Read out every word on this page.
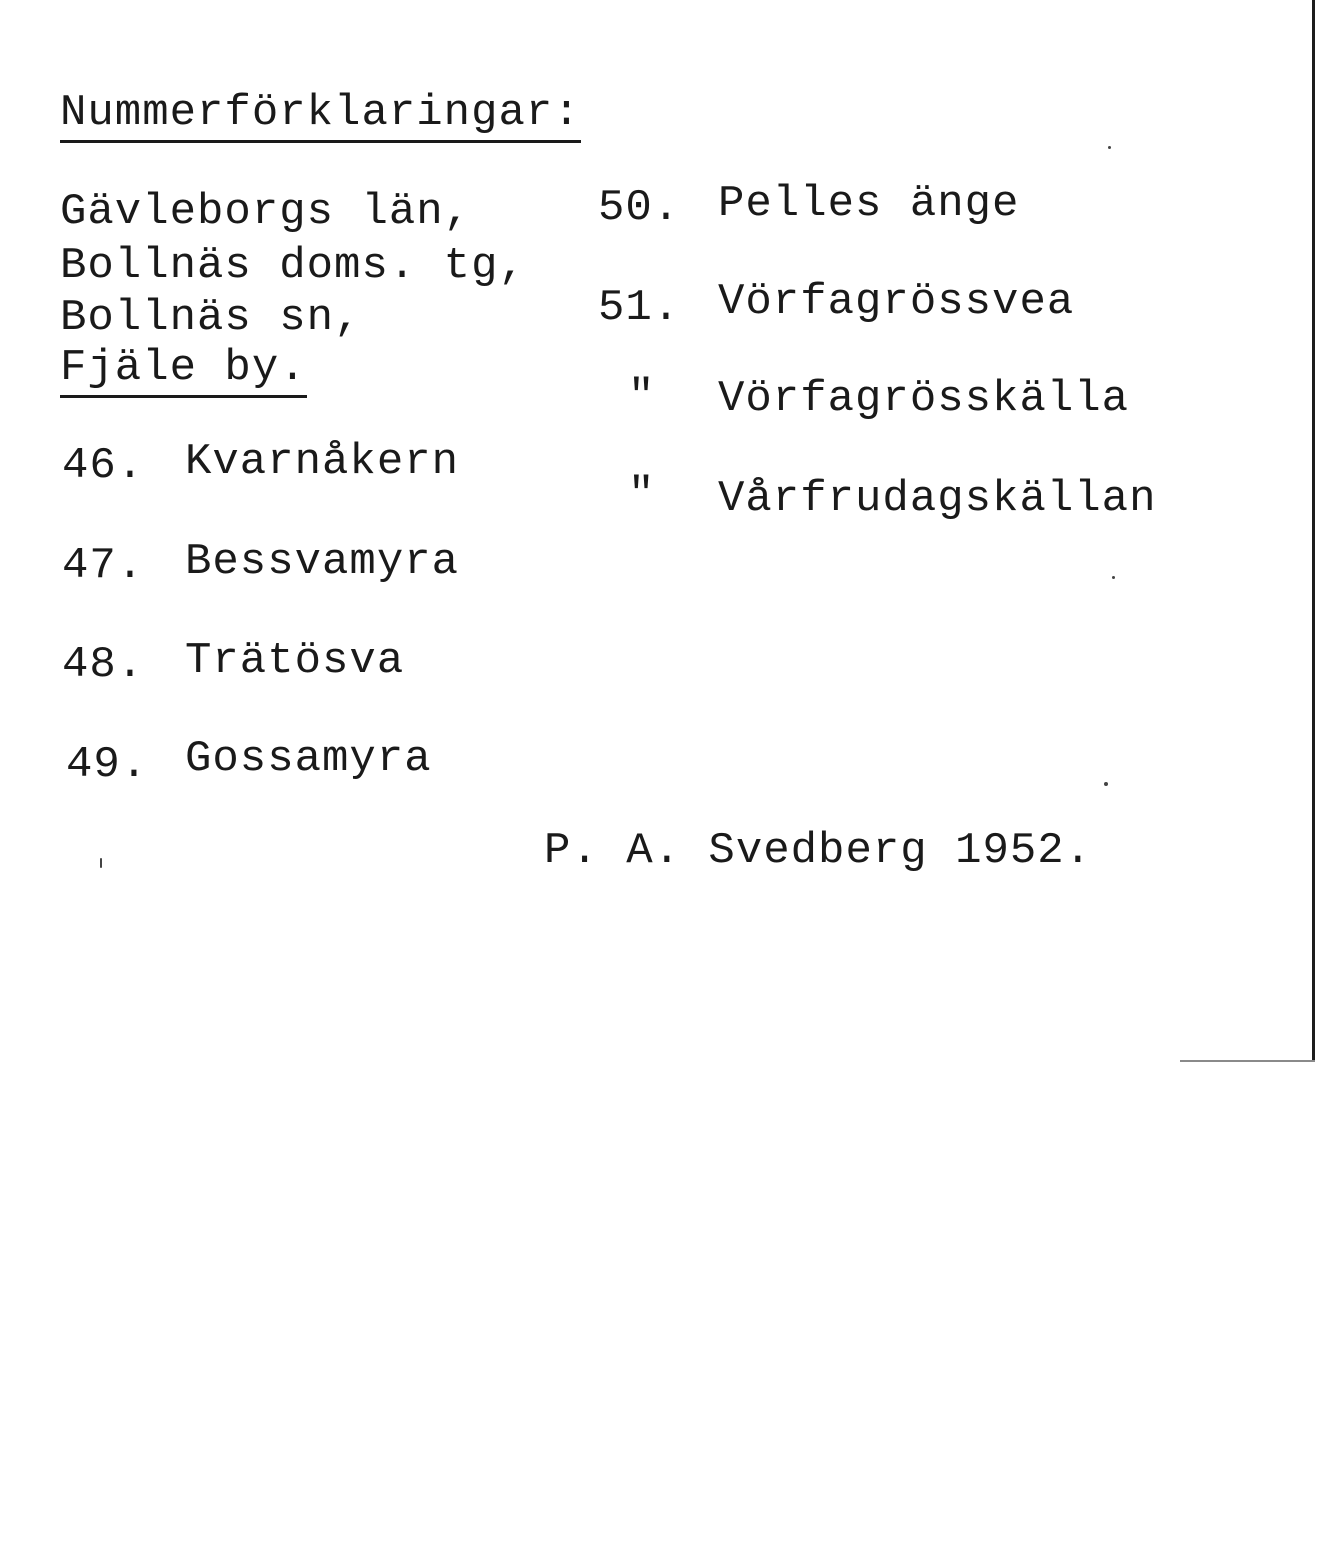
Nummerförklaringar:
Gävleborgs län,
Bollnäs doms. tg,
Bollnäs sn,
Fjäle by.
46. Kvarnåkern
47. Bessvamyra
48. Trätösva
49. Gossamyra
50. Pelles änge
51. Vörfagrössvea
" Vörfagrösskälla
" Vårfrudagskällan
P. A. Svedberg 1952.
